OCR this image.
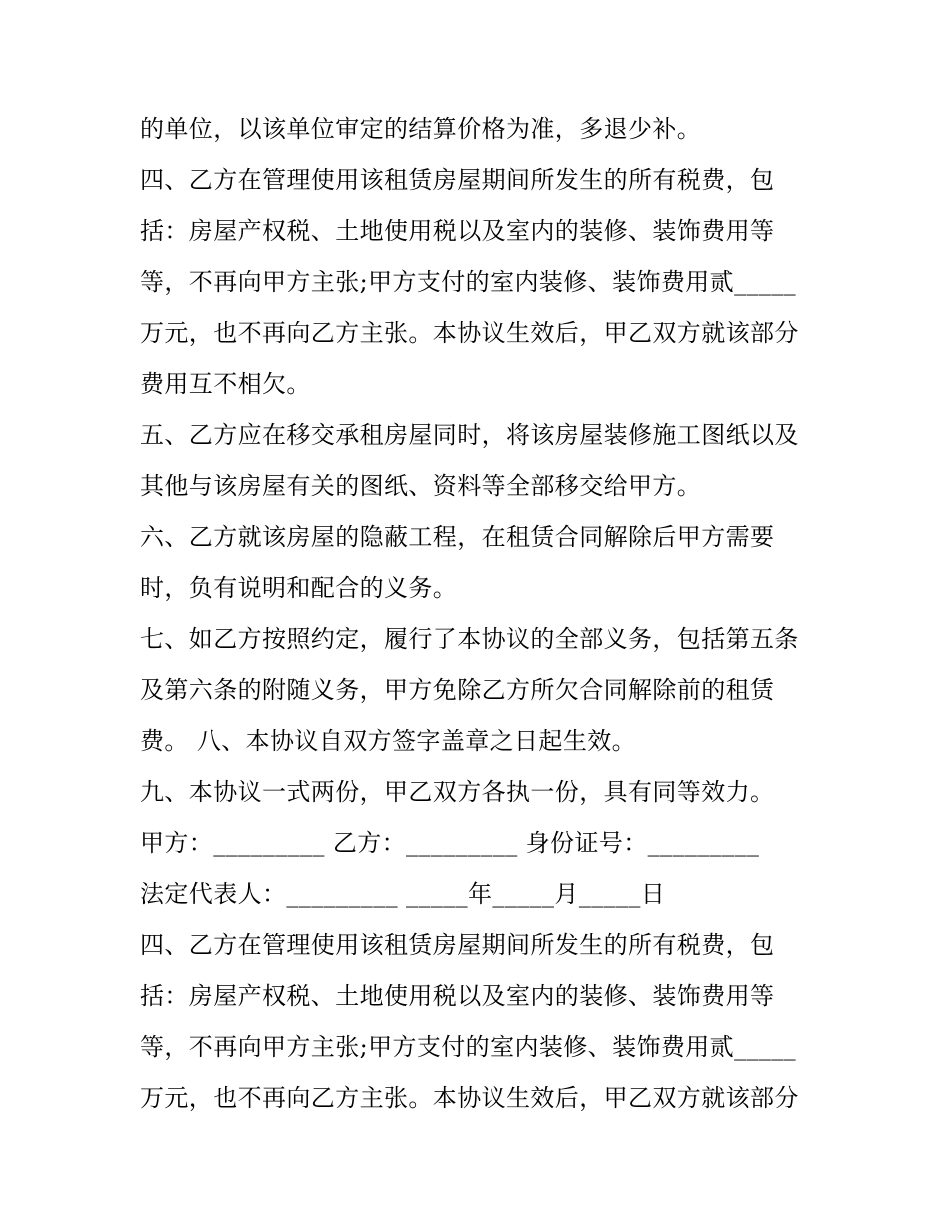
的单位，以该单位审定的结算价格为准，多退少补。
四、乙方在管理使用该租赁房屋期间所发生的所有税费，包
括：房屋产权税、土地使用税以及室内的装修、装饰费用等
等，不再向甲方主张;甲方支付的室内装修、装饰费用贰_____
万元，也不再向乙方主张。本协议生效后，甲乙双方就该部分
费用互不相欠。
五、乙方应在移交承租房屋同时，将该房屋装修施工图纸以及
其他与该房屋有关的图纸、资料等全部移交给甲方。
六、乙方就该房屋的隐蔽工程，在租赁合同解除后甲方需要
时，负有说明和配合的义务。
七、如乙方按照约定，履行了本协议的全部义务，包括第五条
及第六条的附随义务，甲方免除乙方所欠合同解除前的租赁
费。 八、本协议自双方签字盖章之日起生效。
九、本协议一式两份，甲乙双方各执一份，具有同等效力。
甲方：_________ 乙方：_________ 身份证号：_________
法定代表人：_________ _____年_____月_____日
四、乙方在管理使用该租赁房屋期间所发生的所有税费，包
括：房屋产权税、土地使用税以及室内的装修、装饰费用等
等，不再向甲方主张;甲方支付的室内装修、装饰费用贰_____
万元，也不再向乙方主张。本协议生效后，甲乙双方就该部分
